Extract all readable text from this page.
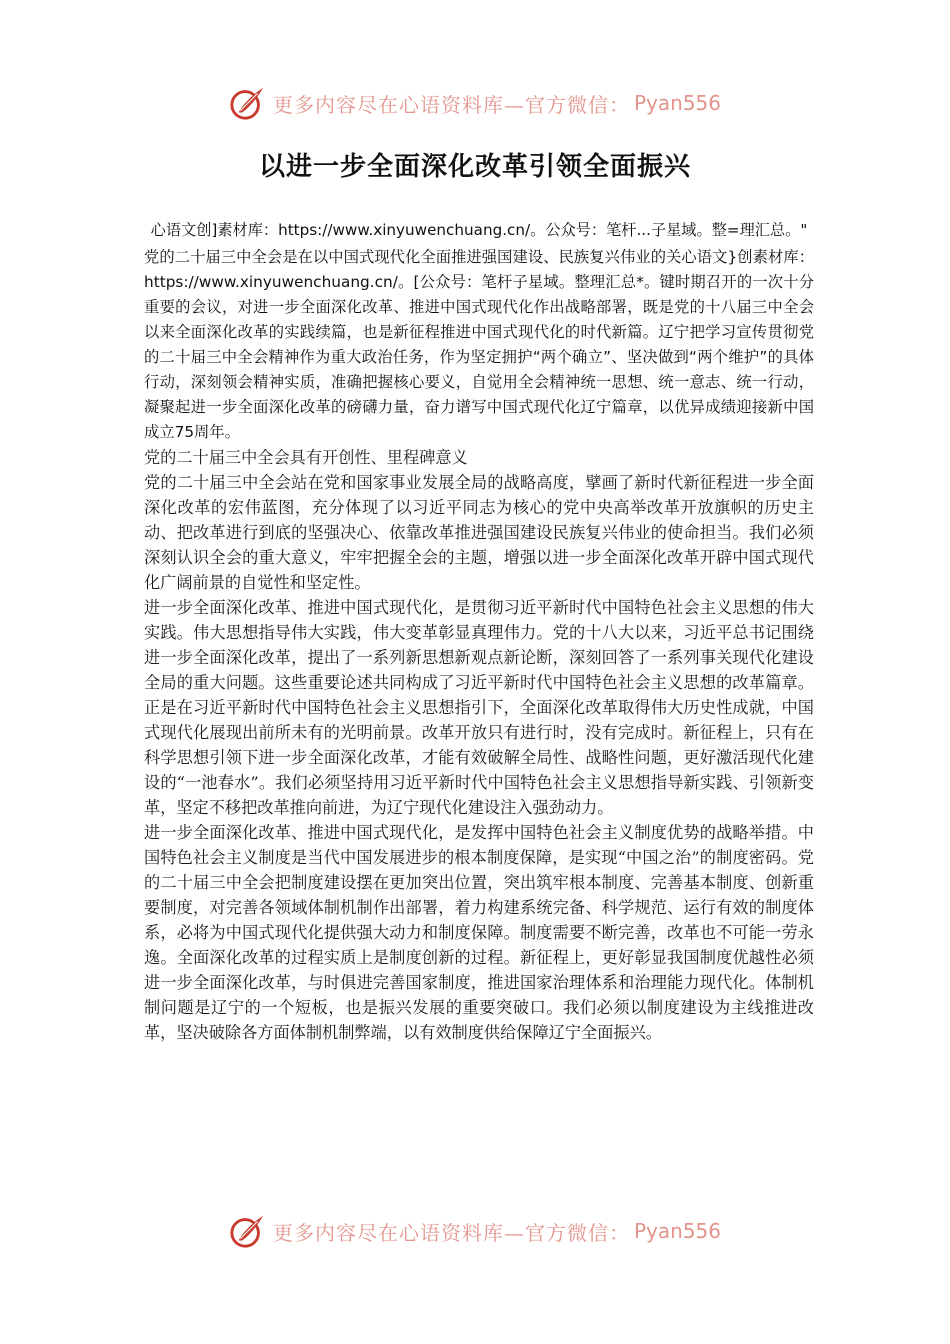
更多内容尽在心语资料库—官方微信： Pyan556
以进一步全面深化改革引领全面振兴

心语文创]素材库：https://www.xinyuwenchuang.cn/。公众号：笔杆...子星域。整=理汇总。"

党的二十届三中全会是在以中国式现代化全面推进强国建设、民族复兴伟业的关心语文}创素材库：https://www.xinyuwenchuang.cn/。[公众号：笔杆子星域。整理汇总*。键时期召开的一次十分重要的会议，对进一步全面深化改革、推进中国式现代化作出战略部署，既是党的十八届三中全会以来全面深化改革的实践续篇，也是新征程推进中国式现代化的时代新篇。辽宁把学习宣传贯彻党的二十届三中全会精神作为重大政治任务，作为坚定拥护“两个确立”、坚决做到“两个维护”的具体行动，深刻领会精神实质，准确把握核心要义，自觉用全会精神统一思想、统一意志、统一行动，凝聚起进一步全面深化改革的磅礴力量，奋力谱写中国式现代化辽宁篇章，以优异成绩迎接新中国成立75周年。

党的二十届三中全会具有开创性、里程碑意义

党的二十届三中全会站在党和国家事业发展全局的战略高度，擘画了新时代新征程进一步全面深化改革的宏伟蓝图，充分体现了以习近平同志为核心的党中央高举改革开放旗帜的历史主动、把改革进行到底的坚强决心、依靠改革推进强国建设民族复兴伟业的使命担当。我们必须深刻认识全会的重大意义，牢牢把握全会的主题，增强以进一步全面深化改革开辟中国式现代化广阔前景的自觉性和坚定性。

进一步全面深化改革、推进中国式现代化，是贯彻习近平新时代中国特色社会主义思想的伟大实践。伟大思想指导伟大实践，伟大变革彰显真理伟力。党的十八大以来，习近平总书记围绕进一步全面深化改革，提出了一系列新思想新观点新论断，深刻回答了一系列事关现代化建设全局的重大问题。这些重要论述共同构成了习近平新时代中国特色社会主义思想的改革篇章。正是在习近平新时代中国特色社会主义思想指引下，全面深化改革取得伟大历史性成就，中国式现代化展现出前所未有的光明前景。改革开放只有进行时，没有完成时。新征程上，只有在科学思想引领下进一步全面深化改革，才能有效破解全局性、战略性问题，更好激活现代化建设的“一池春水”。我们必须坚持用习近平新时代中国特色社会主义思想指导新实践、引领新变革，坚定不移把改革推向前进，为辽宁现代化建设注入强劲动力。

进一步全面深化改革、推进中国式现代化，是发挥中国特色社会主义制度优势的战略举措。中国特色社会主义制度是当代中国发展进步的根本制度保障，是实现“中国之治”的制度密码。党的二十届三中全会把制度建设摆在更加突出位置，突出筑牢根本制度、完善基本制度、创新重要制度，对完善各领域体制机制作出部署，着力构建系统完备、科学规范、运行有效的制度体系，必将为中国式现代化提供强大动力和制度保障。制度需要不断完善，改革也不可能一劳永逸。全面深化改革的过程实质上是制度创新的过程。新征程上，更好彰显我国制度优越性必须进一步全面深化改革，与时俱进完善国家制度，推进国家治理体系和治理能力现代化。体制机制问题是辽宁的一个短板，也是振兴发展的重要突破口。我们必须以制度建设为主线推进改革，坚决破除各方面体制机制弊端，以有效制度供给保障辽宁全面振兴。

更多内容尽在心语资料库—官方微信： Pyan556
